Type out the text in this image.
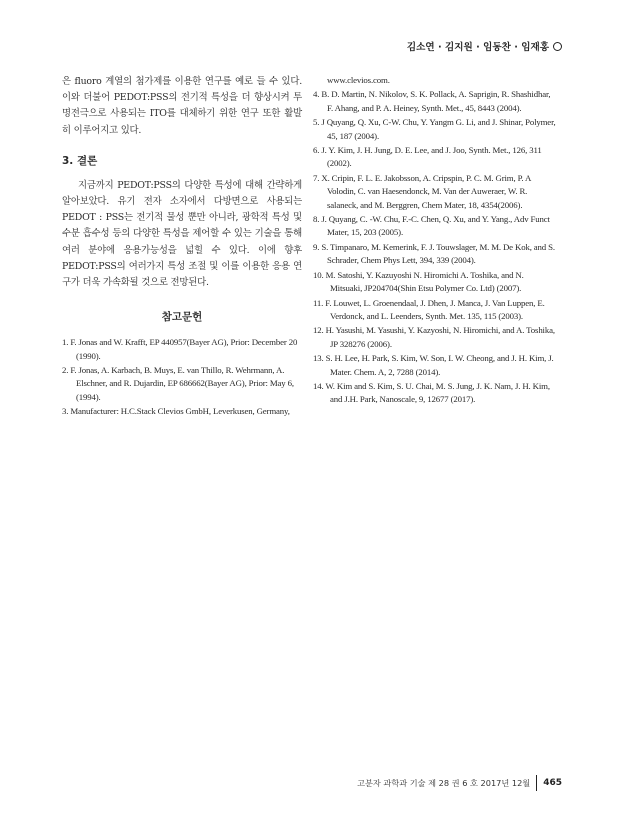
김소연 · 김지원 · 임동찬 · 임재홍

은 fluoro 계열의 첨가제를 이용한 연구를 예로 들 수 있다. 이와 더불어 PEDOT:PSS의 전기적 특성을 더 향상시켜 투명전극으로 사용되는 ITO를 대체하기 위한 연구 또한 활발히 이루어지고 있다.

3. 결론

지금까지 PEDOT:PSS의 다양한 특성에 대해 간략하게 알아보았다. 유기 전자 소자에서 다방면으로 사용되는 PEDOT : PSS는 전기적 물성 뿐만 아니라, 광학적 특성 및 수분 흡수성 등의 다양한 특성을 제어할 수 있는 기술을 통해 여러 분야에 응용가능성을 넓힐 수 있다. 이에 향후 PEDOT:PSS의 여러가지 특성 조절 및 이를 이용한 응용 연구가 더욱 가속화될 것으로 전망된다.

참고문헌
1. F. Jonas and W. Krafft, EP 440957(Bayer AG), Prior: December 20 (1990).
2. F. Jonas, A. Karbach, B. Muys, E. van Thillo, R. Wehrmann, A. Elschner, and R. Dujardin, EP 686662(Bayer AG), Prior: May 6, (1994).
3. Manufacturer: H.C.Stack Clevios GmbH, Leverkusen, Germany,
www.clevios.com.
4. B. D. Martin, N. Nikolov, S. K. Pollack, A. Saprigin, R. Shashidhar, F. Ahang, and P. A. Heiney, Synth. Met., 45, 8443 (2004).
5. J Quyang, Q. Xu, C-W. Chu, Y. Yangm G. Li, and J. Shinar, Polymer, 45, 187 (2004).
6. J. Y. Kim, J. H. Jung, D. E. Lee, and J. Joo, Synth. Met., 126, 311 (2002).
7. X. Cripin, F. L. E. Jakobsson, A. Cripspin, P. C. M. Grim, P. A Volodin, C. van Haesendonck, M. Van der Auweraer, W. R. salaneck, and M. Berggren, Chem Mater, 18, 4354(2006).
8. J. Quyang, C. -W. Chu, F.-C. Chen, Q. Xu, and Y. Yang., Adv Funct Mater, 15, 203 (2005).
9. S. Timpanaro, M. Kemerink, F. J. Touwslager, M. M. De Kok, and S. Schrader, Chem Phys Lett, 394, 339 (2004).
10. M. Satoshi, Y. Kazuyoshi N. Hiromichi A. Toshika, and N. Mitsuaki, JP204704(Shin Etsu Polymer Co. Ltd) (2007).
11. F. Louwet, L. Groenendaal, J. Dhen, J. Manca, J. Van Luppen, E. Verdonck, and L. Leenders, Synth. Met. 135, 115 (2003).
12. H. Yasushi, M. Yasushi, Y. Kazyoshi, N. Hiromichi, and A. Toshika, JP 328276 (2006).
13. S. H. Lee, H. Park, S. Kim, W. Son, I. W. Cheong, and J. H. Kim, J. Mater. Chem. A, 2, 7288 (2014).
14. W. Kim and S. Kim, S. U. Chai, M. S. Jung, J. K. Nam, J. H. Kim, and J.H. Park, Nanoscale, 9, 12677 (2017).
고분자 과학과 기술 제 28 권 6 호 2017년 12월 465
